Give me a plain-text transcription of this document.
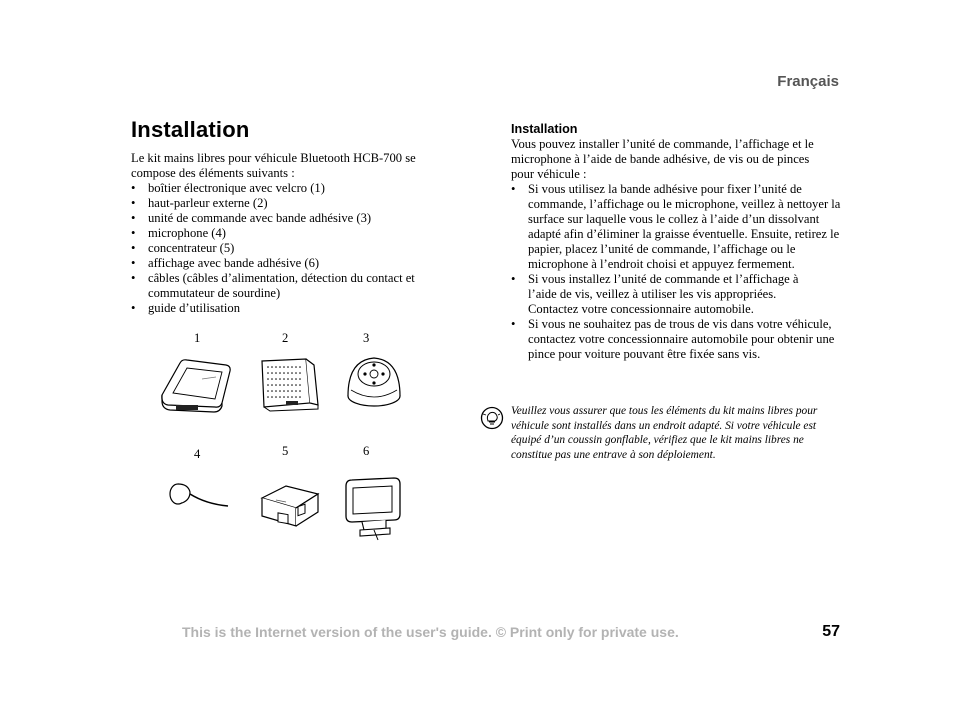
Français
Installation

Le kit mains libres pour véhicule Bluetooth HCB-700 se compose des éléments suivants :

• boîtier électronique avec velcro (1)
• haut-parleur externe (2)
• unité de commande avec bande adhésive (3)
• microphone (4)
• concentrateur (5)
• affichage avec bande adhésive (6)
• câbles (câbles d’alimentation, détection du contact et commutateur de sourdine)
• guide d’utilisation
1	2	3
4	5	6

Installation

Vous pouvez installer l’unité de commande, l’affichage et le microphone à l’aide de bande adhésive, de vis ou de pinces pour véhicule :

• Si vous utilisez la bande adhésive pour fixer l’unité de commande, l’affichage ou le microphone, veillez à nettoyer la surface sur laquelle vous le collez à l’aide d’un dissolvant adapté afin d’éliminer la graisse éventuelle. Ensuite, retirez le papier, placez l’unité de commande, l’affichage ou le microphone à l’endroit choisi et appuyez fermement.
• Si vous installez l’unité de commande et l’affichage à l’aide de vis, veillez à utiliser les vis appropriées. Contactez votre concessionnaire automobile.
• Si vous ne souhaitez pas de trous de vis dans votre véhicule, contactez votre concessionnaire automobile pour obtenir une pince pour voiture pouvant être fixée sans vis.
Veuillez vous assurer que tous les éléments du kit mains libres pour véhicule sont installés dans un endroit adapté. Si votre véhicule est équipé d’un coussin gonflable, vérifiez que le kit mains libres ne constitue pas une entrave à son déploiement.
This is the Internet version of the user's guide. © Print only for private use.	57
